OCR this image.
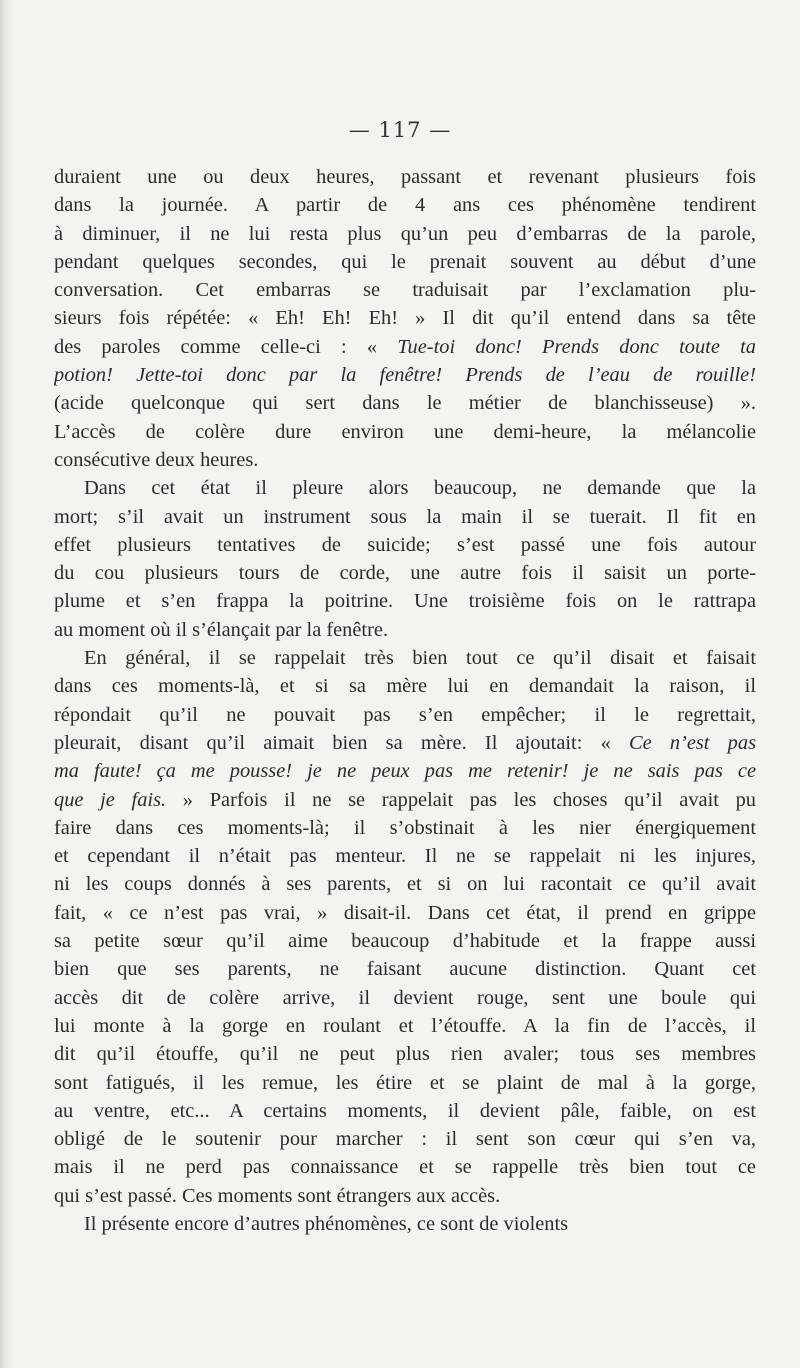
— 117 —
duraient une ou deux heures, passant et revenant plusieurs fois
dans la journée. A partir de 4 ans ces phénomène tendirent
à diminuer, il ne lui resta plus qu’un peu d’embarras de la parole,
pendant quelques secondes, qui le prenait souvent au début d’une
conversation. Cet embarras se traduisait par l’exclamation plu-
sieurs fois répétée: « Eh! Eh! Eh! » Il dit qu’il entend dans sa tête
des paroles comme celle-ci : « Tue-toi donc! Prends donc toute ta
potion! Jette-toi donc par la fenêtre! Prends de l’eau de rouille!
(acide quelconque qui sert dans le métier de blanchisseuse) ».
L’accès de colère dure environ une demi-heure, la mélancolie
consécutive deux heures.
Dans cet état il pleure alors beaucoup, ne demande que la
mort; s’il avait un instrument sous la main il se tuerait. Il fit en
effet plusieurs tentatives de suicide; s’est passé une fois autour
du cou plusieurs tours de corde, une autre fois il saisit un porte-
plume et s’en frappa la poitrine. Une troisième fois on le rattrapa
au moment où il s’élançait par la fenêtre.
En général, il se rappelait très bien tout ce qu’il disait et faisait
dans ces moments-là, et si sa mère lui en demandait la raison, il
répondait qu’il ne pouvait pas s’en empêcher; il le regrettait,
pleurait, disant qu’il aimait bien sa mère. Il ajoutait: « Ce n’est pas
ma faute! ça me pousse! je ne peux pas me retenir! je ne sais pas ce
que je fais. » Parfois il ne se rappelait pas les choses qu’il avait pu
faire dans ces moments-là; il s’obstinait à les nier énergiquement
et cependant il n’était pas menteur. Il ne se rappelait ni les injures,
ni les coups donnés à ses parents, et si on lui racontait ce qu’il avait
fait, « ce n’est pas vrai, » disait-il. Dans cet état, il prend en grippe
sa petite sœur qu’il aime beaucoup d’habitude et la frappe aussi
bien que ses parents, ne faisant aucune distinction. Quant cet
accès dit de colère arrive, il devient rouge, sent une boule qui
lui monte à la gorge en roulant et l’étouffe. A la fin de l’accès, il
dit qu’il étouffe, qu’il ne peut plus rien avaler; tous ses membres
sont fatigués, il les remue, les étire et se plaint de mal à la gorge,
au ventre, etc... A certains moments, il devient pâle, faible, on est
obligé de le soutenir pour marcher : il sent son cœur qui s’en va,
mais il ne perd pas connaissance et se rappelle très bien tout ce
qui s’est passé. Ces moments sont étrangers aux accès.
Il présente encore d’autres phénomènes, ce sont de violents
